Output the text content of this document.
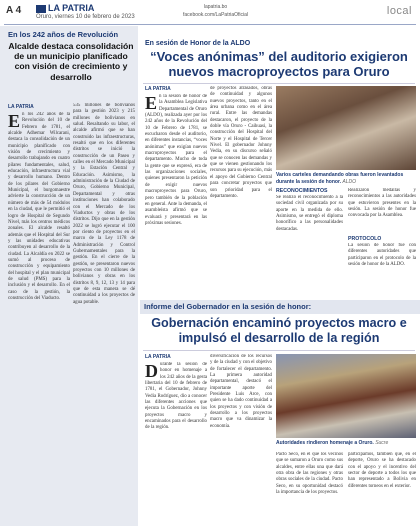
A 4	LA PATRIA
Oruro, viernes 10 de febrero de 2023
lapatria.bo
facebook.com/LaPatriaOficial	local
En los 242 años de Revolución
Alcalde destaca consolidación de un municipio planificado con visión de crecimiento y desarrollo
LA PATRIA
En los 242 años de la Revolución del 10 de Febrero de 1781, el alcalde Adhemar Wilcarani, destaca la consolidación de un municipio planificado con visión de crecimiento y desarrollo trabajando en cuatro pilares fundamentales, salud, educación, infraestructura vial y desarrollo humano. Dentro de los pilares del Gobierno Municipal, el burgomaestre advierte la construcción de un número de más de 54 módulos en la ciudad, que le permitió el logro de Hospital de Segundo Nivel, más los centros médicos zonales. El alcalde resaltó además que el Hospital del Sur y las unidades educativas contribuyen al desarrollo de la ciudad. La Alcaldía en 2022 se sumó al proceso de construcción y equipamiento del hospital y el plan municipal de salud (PMS) para la inclusión y el desarrollo. En el caso de la gestión, la construcción del Viaducto.
535 millones de bolivianos para la gestión 2023 y 215 millones de bolivianos en salud. Resaltando su labor, el alcalde afirmó que se han construido las infraestructuras, resaltó que en los diferentes distritos se inició la construcción de un Paseo y calles en el Mercado Municipal y la Estación Central y Educación. Asimismo, la administración de la Ciudad de Oruro, Gobierno Municipal, Departamental y otras instituciones han colaborado con el Mercado de los Viaductos y obras de los distritos. Dijo que en la gestión 2022 se logró ejecutar el 100 por ciento de proyectos en el marco de la Ley 1178 de Administración y Control Gubernamentales para la gestión. En el cierre de la gestión, se presentaron nuevos proyectos con 10 millones de bolivianos y obras en los distritos 8, 9, 12, 13 y 14 para que de esta manera se dé continuidad a los proyectos de agua potable.
En sesión de Honor de la ALDO
“Voces anónimas” del auditorio exigieron nuevos macroproyectos para Oruro
LA PATRIA
En la sesión de honor de la Asamblea Legislativa Departamental de Oruro (ALDO), realizada ayer por los 242 años de la Revolución del 10 de Febrero de 1781, se escucharon desde el auditorio, en diferentes instancias, “voces anónimas” que exigían nuevos macroproyectos para el departamento. Mucho de toda la gente que se expresó, era de las organizaciones sociales, quienes presentaron la petición de exigir nuevos macroproyectos para Oruro, pero también de la población en general. Ante la demanda, el asambleísta afirmó que se evaluará y presentará en las próximas sesiones.
de proyectos atrasados, obras de continuidad y algunos nuevos proyectos, tanto en el área urbana como en el área rural. Entre las demandas destacaron, el proyecto de la doble vía Oruro - Caihuasi, la construcción del Hospital del Norte y el Hospital de Tercer Nivel. El gobernador Johnny Vedia, en su discurso señaló que se conocen las demandas y que se vienen gestionando los recursos para su ejecución, más el apoyo del Gobierno Central para concretar proyectos que son prioridad para el departamento.
Varios carteles demandando obras fueron levantados durante la sesión de honor. ALDO
RECONOCIMIENTOS
Se realizó el reconocimiento a la sociedad civil organizada por su aporte en la medida de ello. Asimismo, se entregó el diploma honorífico a las personalidades destacadas.
Realizaron medallas y reconocimientos a las autoridades que estuvieron presentes en la sesión. La sesión de honor fue convocada por la Asamblea.
PROTOCOLO
La sesión de honor fue con diferentes autoridades que participaron en el protocolo de la sesión de honor de la ALDO.
Informe del Gobernador en la sesión de honor:
Gobernación encaminó proyectos macro e impulsó el desarrollo de la región
LA PATRIA
Durante la sesión de honor en homenaje a los 242 años de la gesta libertaria del 10 de febrero de 1781, el Gobernador, Johnny Vedia Rodríguez, dio a conocer las diferentes acciones que ejecuta la Gobernación en los proyectos macro y encaminados para el desarrollo de la región.
diversificación de los recursos y de la ciudad y con el objetivo de fortalecer el departamento. La primera autoridad departamental, destacó el importante aporte del Presidente Luis Arce, con quien se ha dado continuidad a los proyectos y con visión de desarrollo a los proyectos macro que va dinamizar la economía.
Autoridades rindieron homenaje a Oruro. Sucre
Pacto Seco, en el que los vecinos que se sumaron a Oruro como sus alcaldes, entre ellas una que dará otra obra de las regiones y otras obras sociales de la ciudad. Pacto Seco, en su oportunidad destacó la importancia de los proyectos.
participamos, también que, en el deporte, Oruro se ha destacado con el apoyo y el incentivo del sector de deporte a todos los que han representado a Bolivia en diferentes torneos en el exterior.
